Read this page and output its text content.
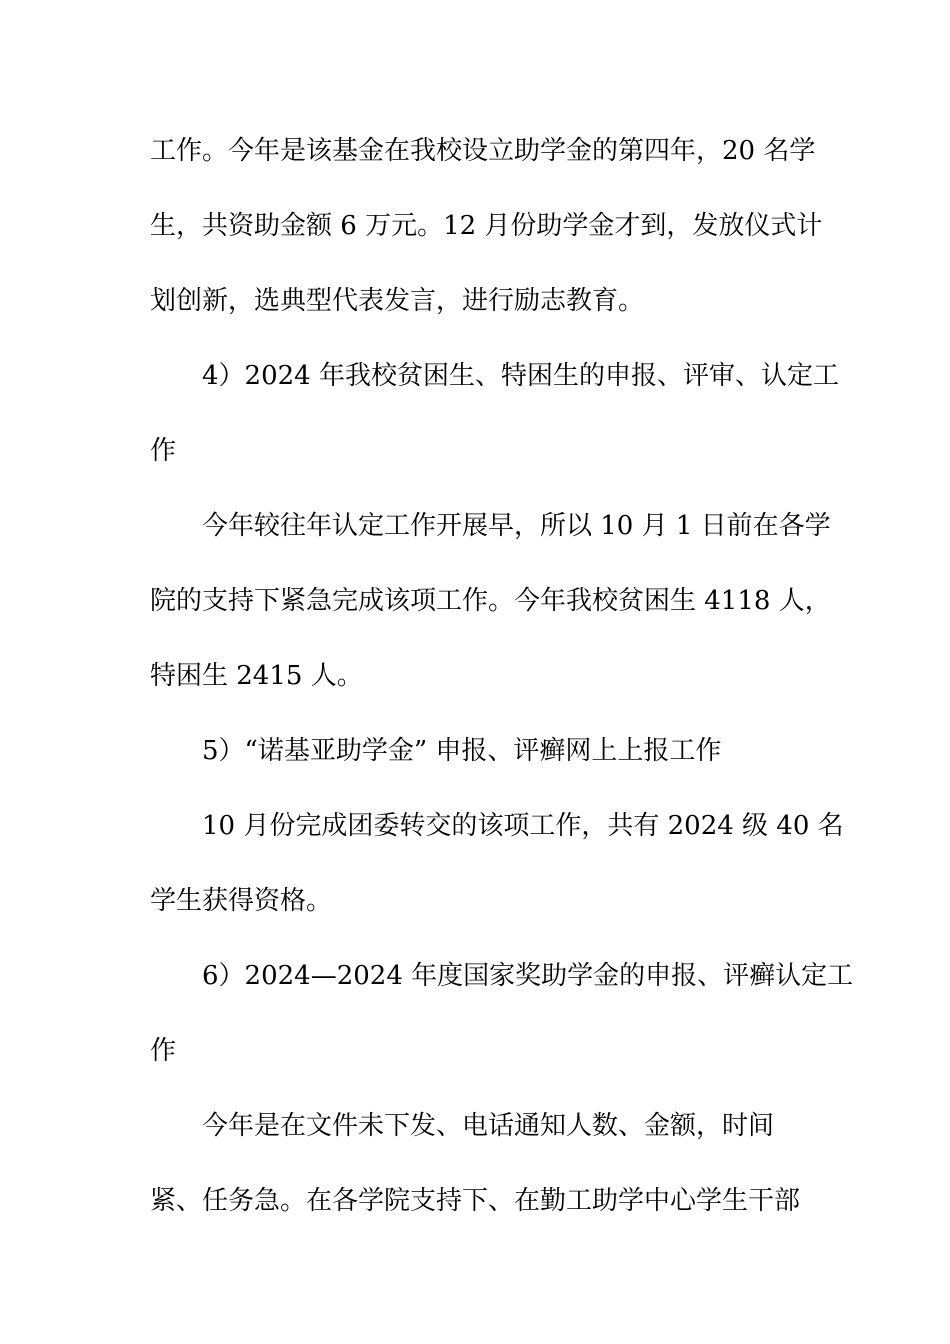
工作。今年是该基金在我校设立助学金的第四年，20 名学
生，共资助金额 6 万元。12 月份助学金才到，发放仪式计
划创新，选典型代表发言，进行励志教育。
4）2024 年我校贫困生、特困生的申报、评审、认定工
作
今年较往年认定工作开展早，所以 10 月 1 日前在各学
院的支持下紧急完成该项工作。今年我校贫困生 4118 人，
特困生 2415 人。
5）“诺基亚助学金” 申报、评癣网上上报工作
10 月份完成团委转交的该项工作，共有 2024 级 40 名
学生获得资格。
6）2024—2024 年度国家奖助学金的申报、评癣认定工
作
今年是在文件未下发、电话通知人数、金额，时间
紧、任务急。在各学院支持下、在勤工助学中心学生干部
